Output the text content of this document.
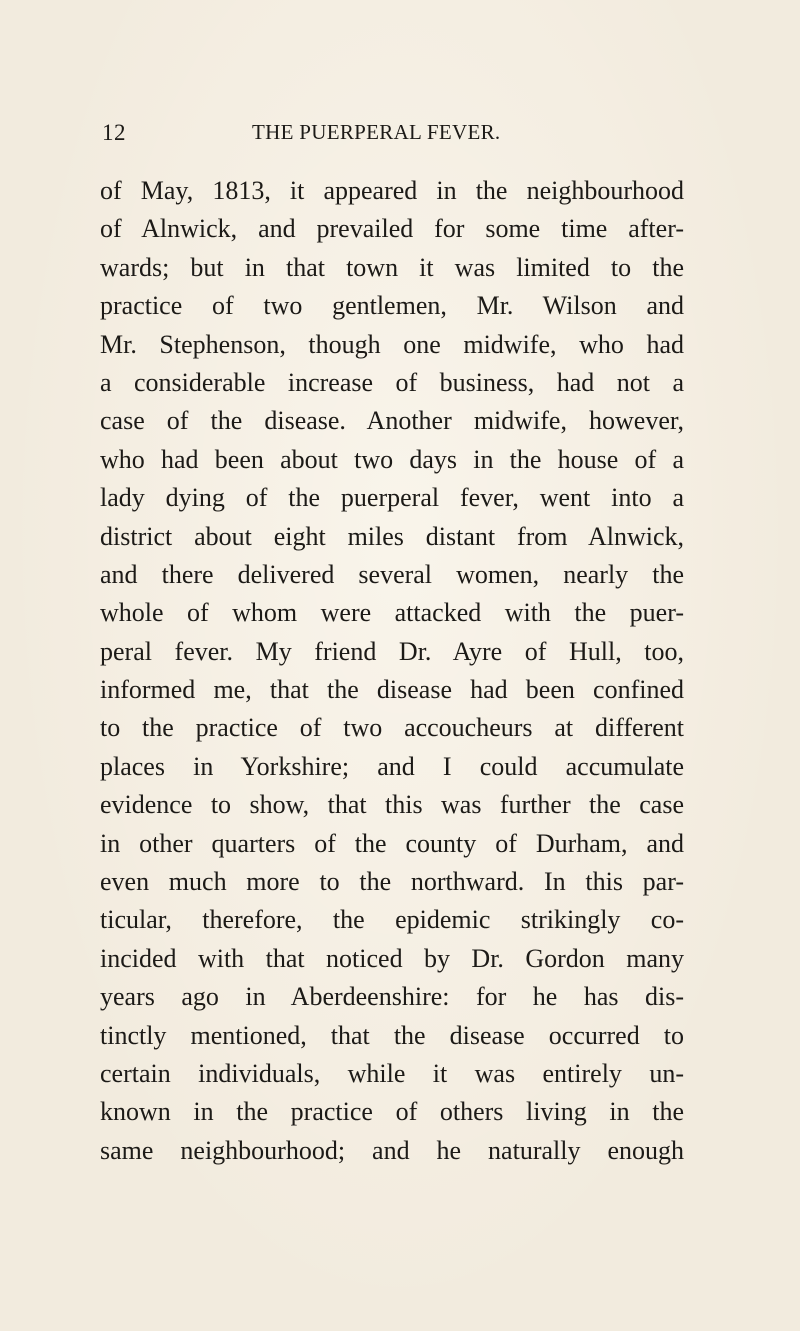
12	THE PUERPERAL FEVER.
of May, 1813, it appeared in the neighbourhood
of Alnwick, and prevailed for some time after-
wards; but in that town it was limited to the
practice of two gentlemen, Mr. Wilson and
Mr. Stephenson, though one midwife, who had
a considerable increase of business, had not a
case of the disease. Another midwife, however,
who had been about two days in the house of a
lady dying of the puerperal fever, went into a
district about eight miles distant from Alnwick,
and there delivered several women, nearly the
whole of whom were attacked with the puer-
peral fever. My friend Dr. Ayre of Hull, too,
informed me, that the disease had been confined
to the practice of two accoucheurs at different
places in Yorkshire; and I could accumulate
evidence to show, that this was further the case
in other quarters of the county of Durham, and
even much more to the northward. In this par-
ticular, therefore, the epidemic strikingly co-
incided with that noticed by Dr. Gordon many
years ago in Aberdeenshire: for he has dis-
tinctly mentioned, that the disease occurred to
certain individuals, while it was entirely un-
known in the practice of others living in the
same neighbourhood; and he naturally enough
